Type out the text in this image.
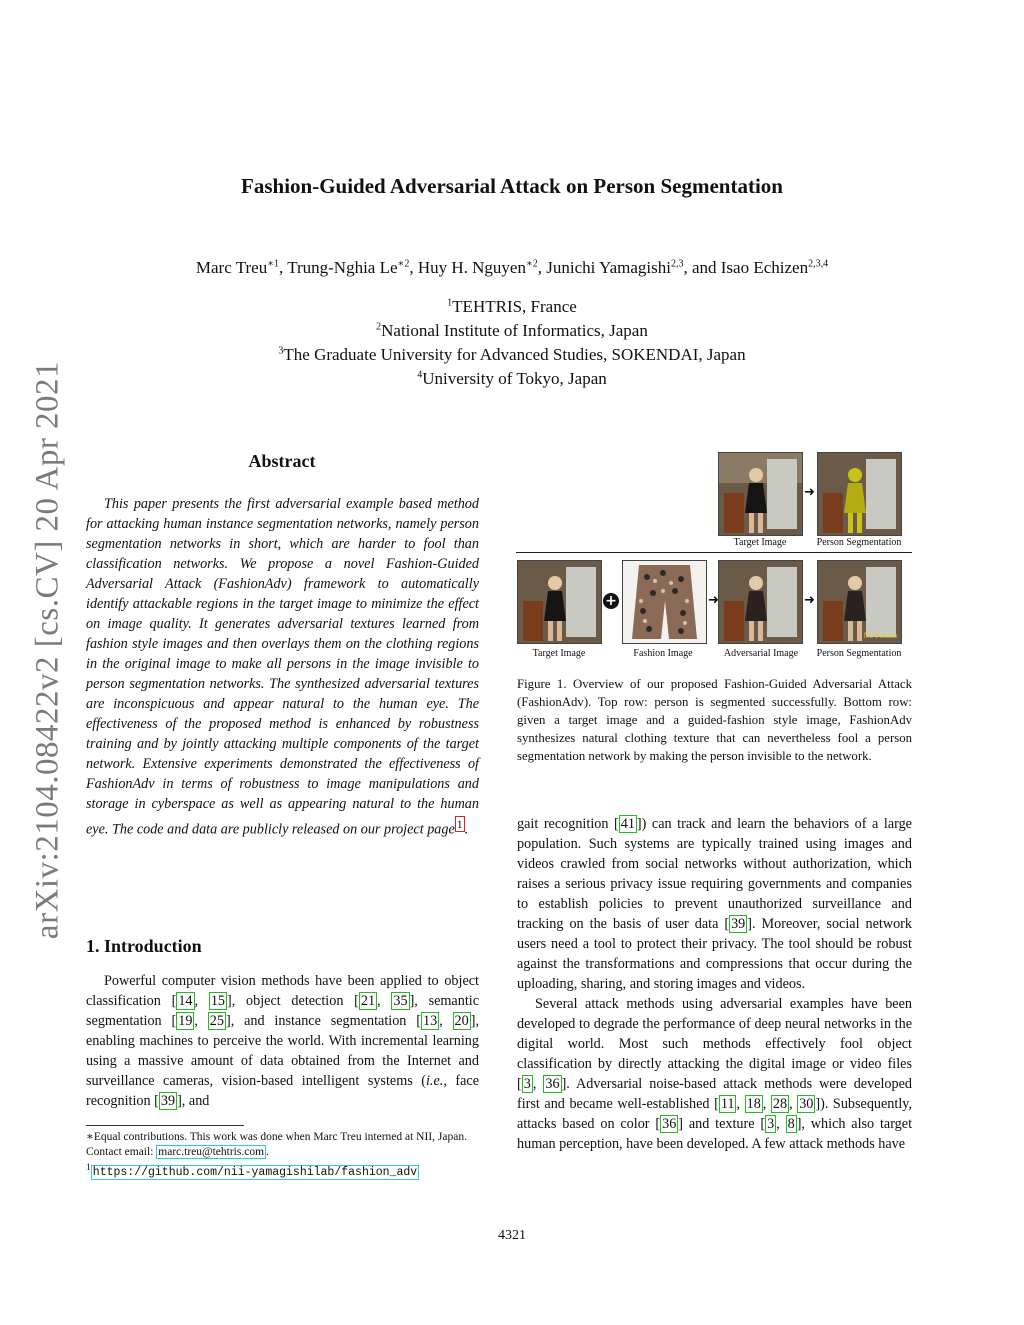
arXiv:2104.08422v2 [cs.CV] 20 Apr 2021
Fashion-Guided Adversarial Attack on Person Segmentation
Marc Treu$^{∗1}$, Trung-Nghia $Le^{∗2}$, Huy H. Nguyen$^{∗2}$, Junichi Yamagishi$^{2,3}$, and Isao Echizen$^{2,3,4}$
$^1$TEHTRIS, France
$^2$National Institute of Informatics, Japan
$^3$The Graduate University for Advanced Studies, SOKENDAI, Japan
$^4$University of Tokyo, Japan
Abstract

This paper presents the first adversarial example based method for attacking human instance segmentation networks, namely person segmentation networks in short, which are harder to fool than classification networks. We propose a novel Fashion-Guided Adversarial Attack (FashionAdv) framework to automatically identify attackable regions in the target image to minimize the effect on image quality. It generates adversarial textures learned from fashion style images and then overlays them on the clothing regions in the original image to make all persons in the image invisible to person segmentation networks. The synthesized adversarial textures are inconspicuous and appear natural to the human eye. The effectiveness of the proposed method is enhanced by robustness training and by jointly attacking multiple components of the target network. Extensive experiments demonstrated the effectiveness of FashionAdv in terms of robustness to image manipulations and storage in cyberspace as well as appearing natural to the human eye. The code and data are publicly released on our project page $^1$ .

1. Introduction

Powerful computer vision methods have been applied to object classification [ 14 , 15 ], object detection [ 21 , 35 ], semantic segmentation [ 19 , 25 ], and instance segmentation [ 13 , 20 ], enabling machines to perceive the world. With incremental learning using a massive amount of data obtained from the Internet and surveillance cameras, vision-based intelligent systems (i.e., face recognition [ 39 ], and

∗Equal contributions. This work was done when Marc Treu interned at NII, Japan. Contact email: marc.treu@tehtris.com .
$^1$ https://github.com/nii-yamagishilab/fashion_adv

➜
Target Image	Person Segmentation
+	➜	➜
No Person
Target Image	Fashion Image	Adversarial Image	Person Segmentation

Figure 1. Overview of our proposed Fashion-Guided Adversarial Attack (FashionAdv). Top row: person is segmented successfully. Bottom row: given a target image and a guided-fashion style image, FashionAdv synthesizes natural clothing texture that can nevertheless fool a person segmentation network by making the person invisible to the network.

gait recognition [ 41 ]) can track and learn the behaviors of a large population. Such systems are typically trained using images and videos crawled from social networks without authorization, which raises a serious privacy issue requiring governments and companies to establish policies to prevent unauthorized surveillance and tracking on the basis of user data [ 39 ]. Moreover, social network users need a tool to protect their privacy. The tool should be robust against the transformations and compressions that occur during the uploading, sharing, and storing images and videos.

Several attack methods using adversarial examples have been developed to degrade the performance of deep neural networks in the digital world. Most such methods effectively fool object classification by directly attacking the digital image or video files [ 3 , 36 ]. Adversarial noise-based attack methods were developed first and became well-established [ 11 , 18 , 28 , 30 ]). Subsequently, attacks based on color [ 36 ] and texture [ 3 , 8 ], which also target human perception, have been developed. A few attack methods have

4321
